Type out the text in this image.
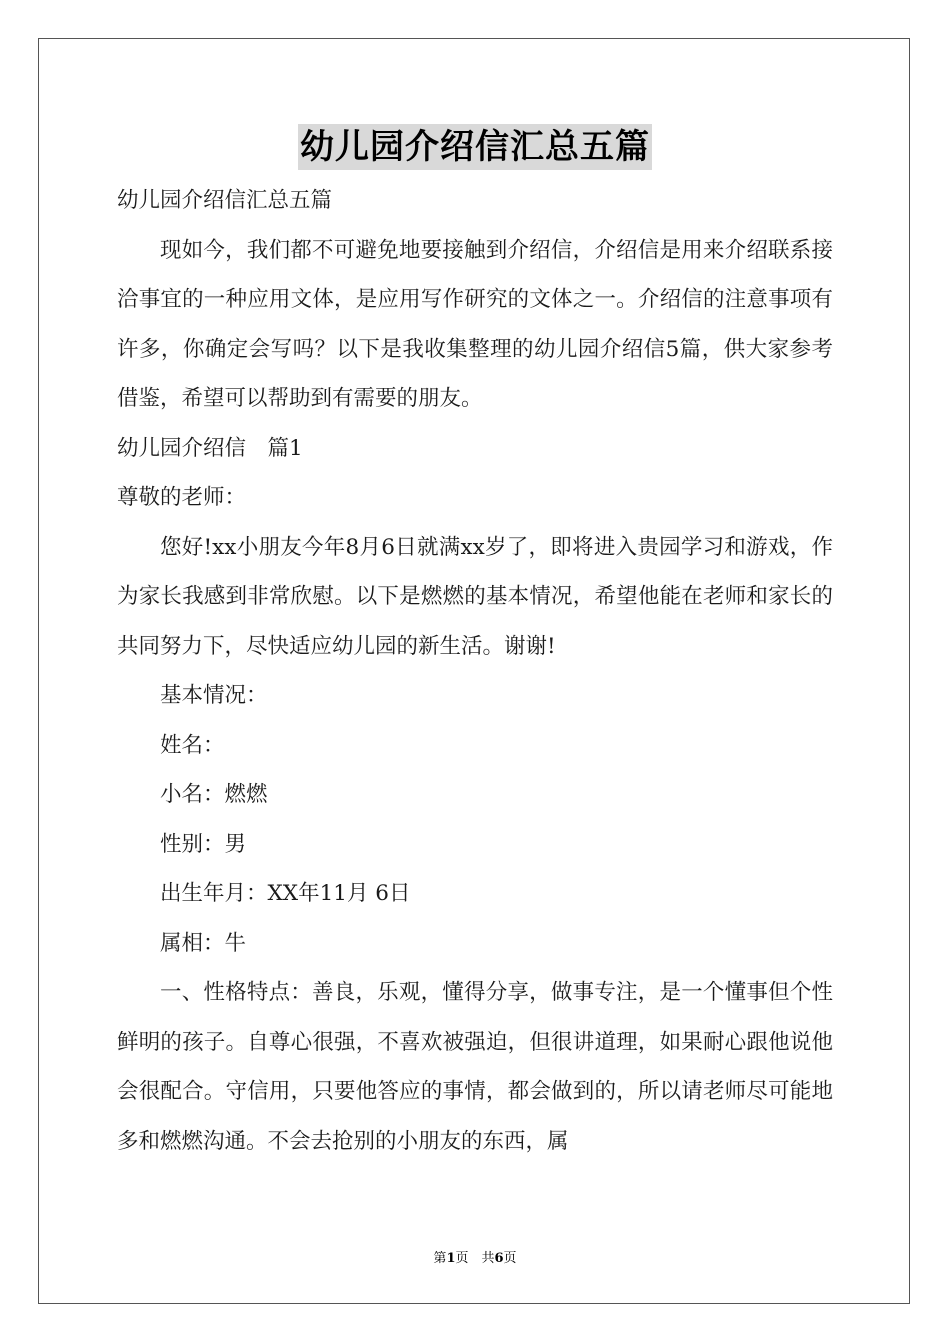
幼儿园介绍信汇总五篇

幼儿园介绍信汇总五篇

现如今，我们都不可避免地要接触到介绍信，介绍信是用来介绍联系接洽事宜的一种应用文体，是应用写作研究的文体之一。介绍信的注意事项有许多，你确定会写吗？以下是我收集整理的幼儿园介绍信5篇，供大家参考借鉴，希望可以帮助到有需要的朋友。

幼儿园介绍信　篇1

尊敬的老师：

您好!xx小朋友今年8月6日就满xx岁了，即将进入贵园学习和游戏，作为家长我感到非常欣慰。以下是燃燃的基本情况，希望他能在老师和家长的共同努力下，尽快适应幼儿园的新生活。谢谢!

基本情况：

姓名：

小名：燃燃

性别：男

出生年月：XX年11月 6日

属相：牛

一、性格特点：善良，乐观，懂得分享，做事专注，是一个懂事但个性鲜明的孩子。自尊心很强，不喜欢被强迫，但很讲道理，如果耐心跟他说他会很配合。守信用，只要他答应的事情，都会做到的，所以请老师尽可能地多和燃燃沟通。不会去抢别的小朋友的东西，属

第1页　共6页
